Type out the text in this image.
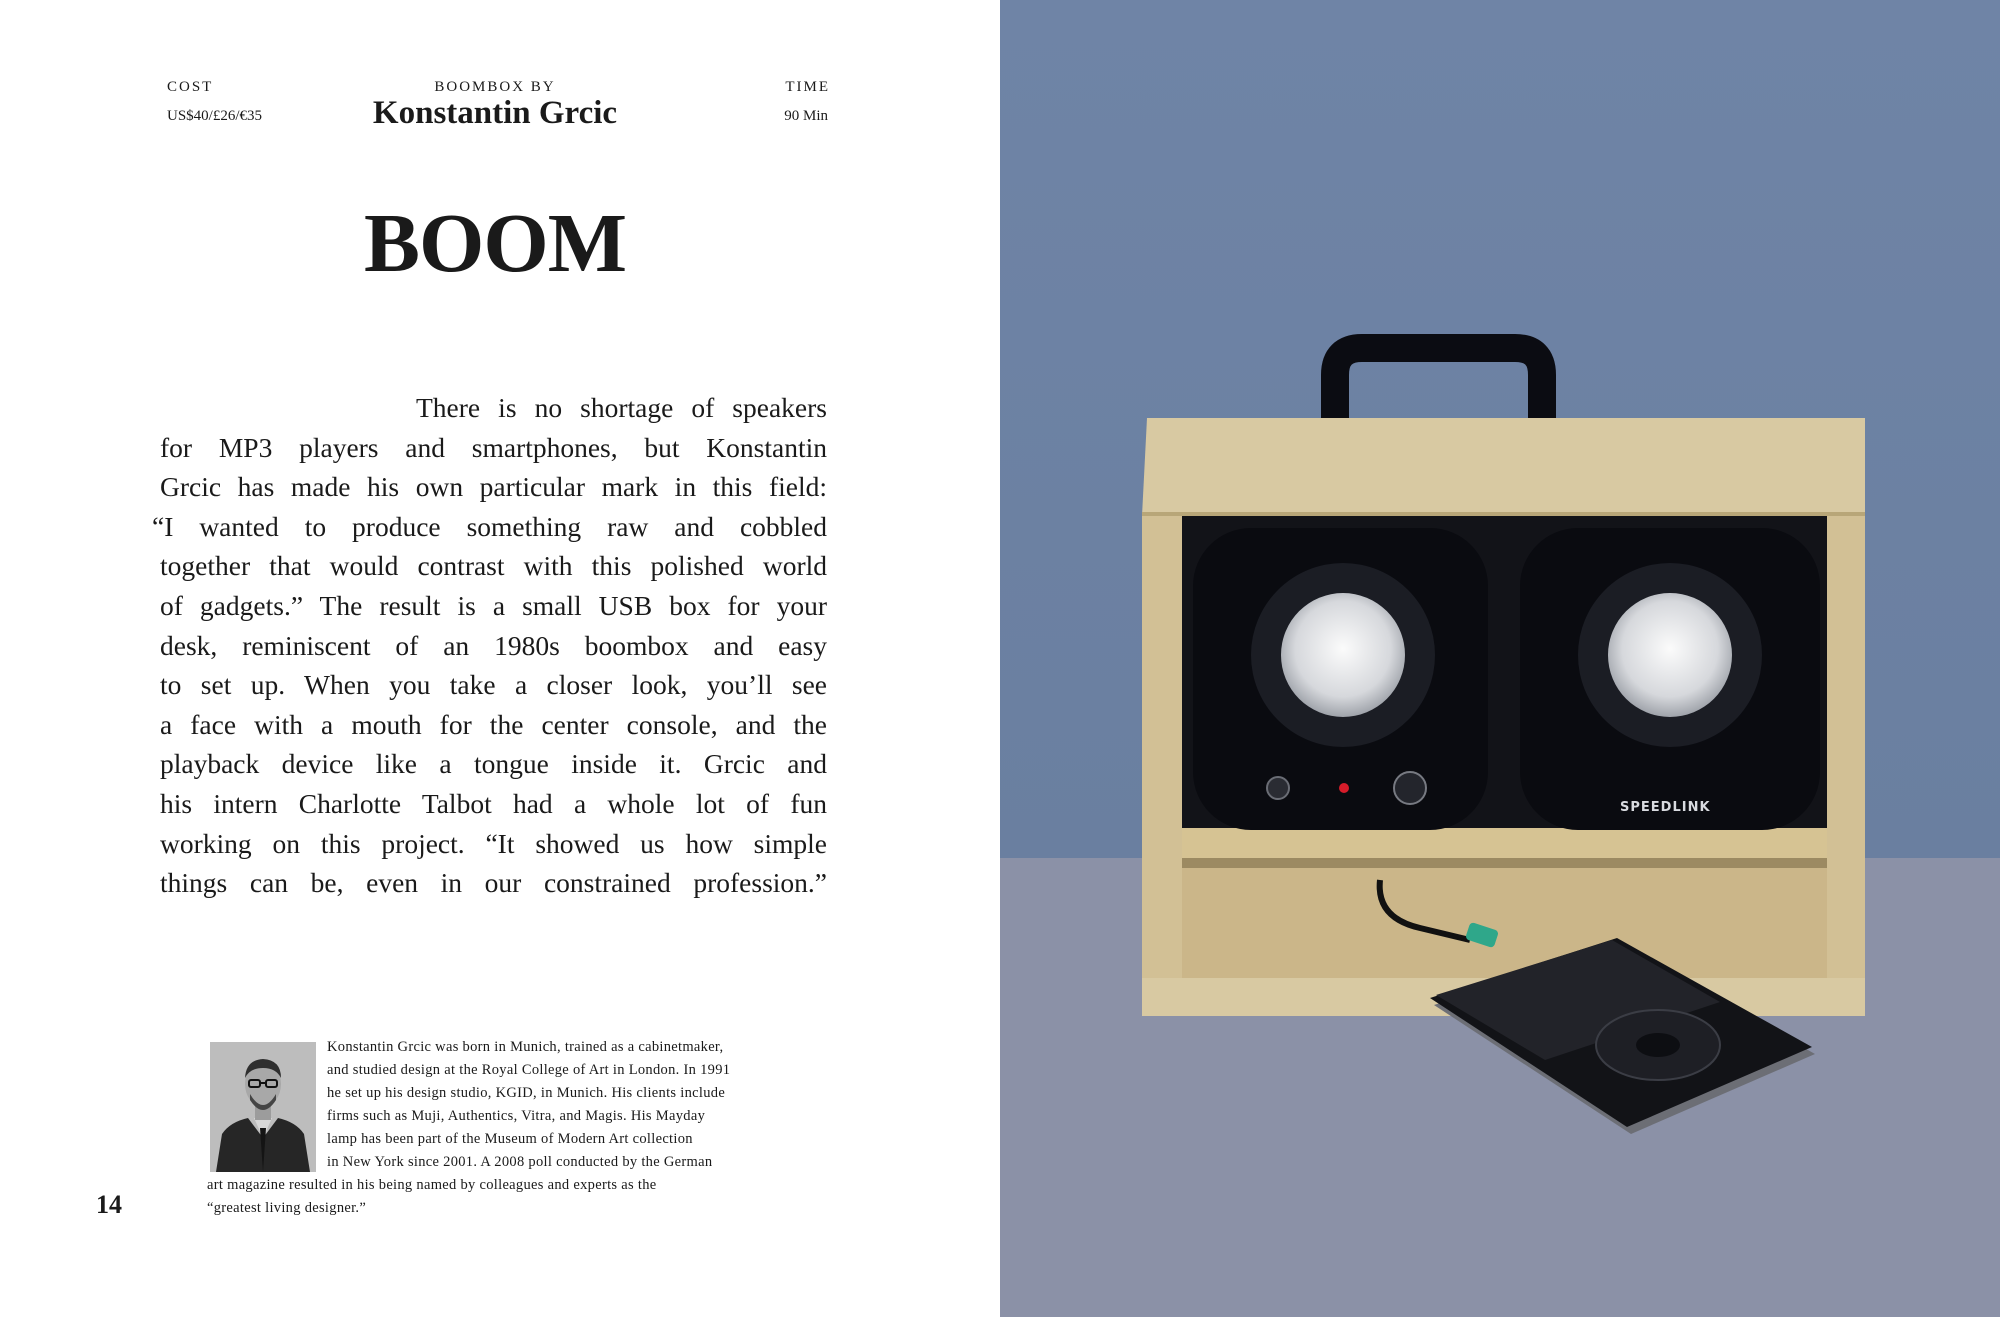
COST
US$40/£26/€35
BOOMBOX BY
Konstantin Grcic
TIME
90 Min
BOOM
There is no shortage of speakers
for MP3 players and smartphones, but Konstantin
Grcic has made his own particular mark in this field:
“I wanted to produce something raw and cobbled
together that would contrast with this polished world
of gadgets.” The result is a small USB box for your
desk, reminiscent of an 1980s boombox and easy
to set up. When you take a closer look, you’ll see
a face with a mouth for the center console, and the
playback device like a tongue inside it. Grcic and
his intern Charlotte Talbot had a whole lot of fun
working on this project. “It showed us how simple
things can be, even in our constrained profession.”
Konstantin Grcic was born in Munich, trained as a cabinetmaker,
and studied design at the Royal College of Art in London. In 1991
he set up his design studio, KGID, in Munich. His clients include
firms such as Muji, Authentics, Vitra, and Magis. His Mayday
lamp has been part of the Museum of Modern Art collection
in New York since 2001. A 2008 poll conducted by the German
art magazine resulted in his being named by colleagues and experts as the
“greatest living designer.”
14
SPEEDLINK
